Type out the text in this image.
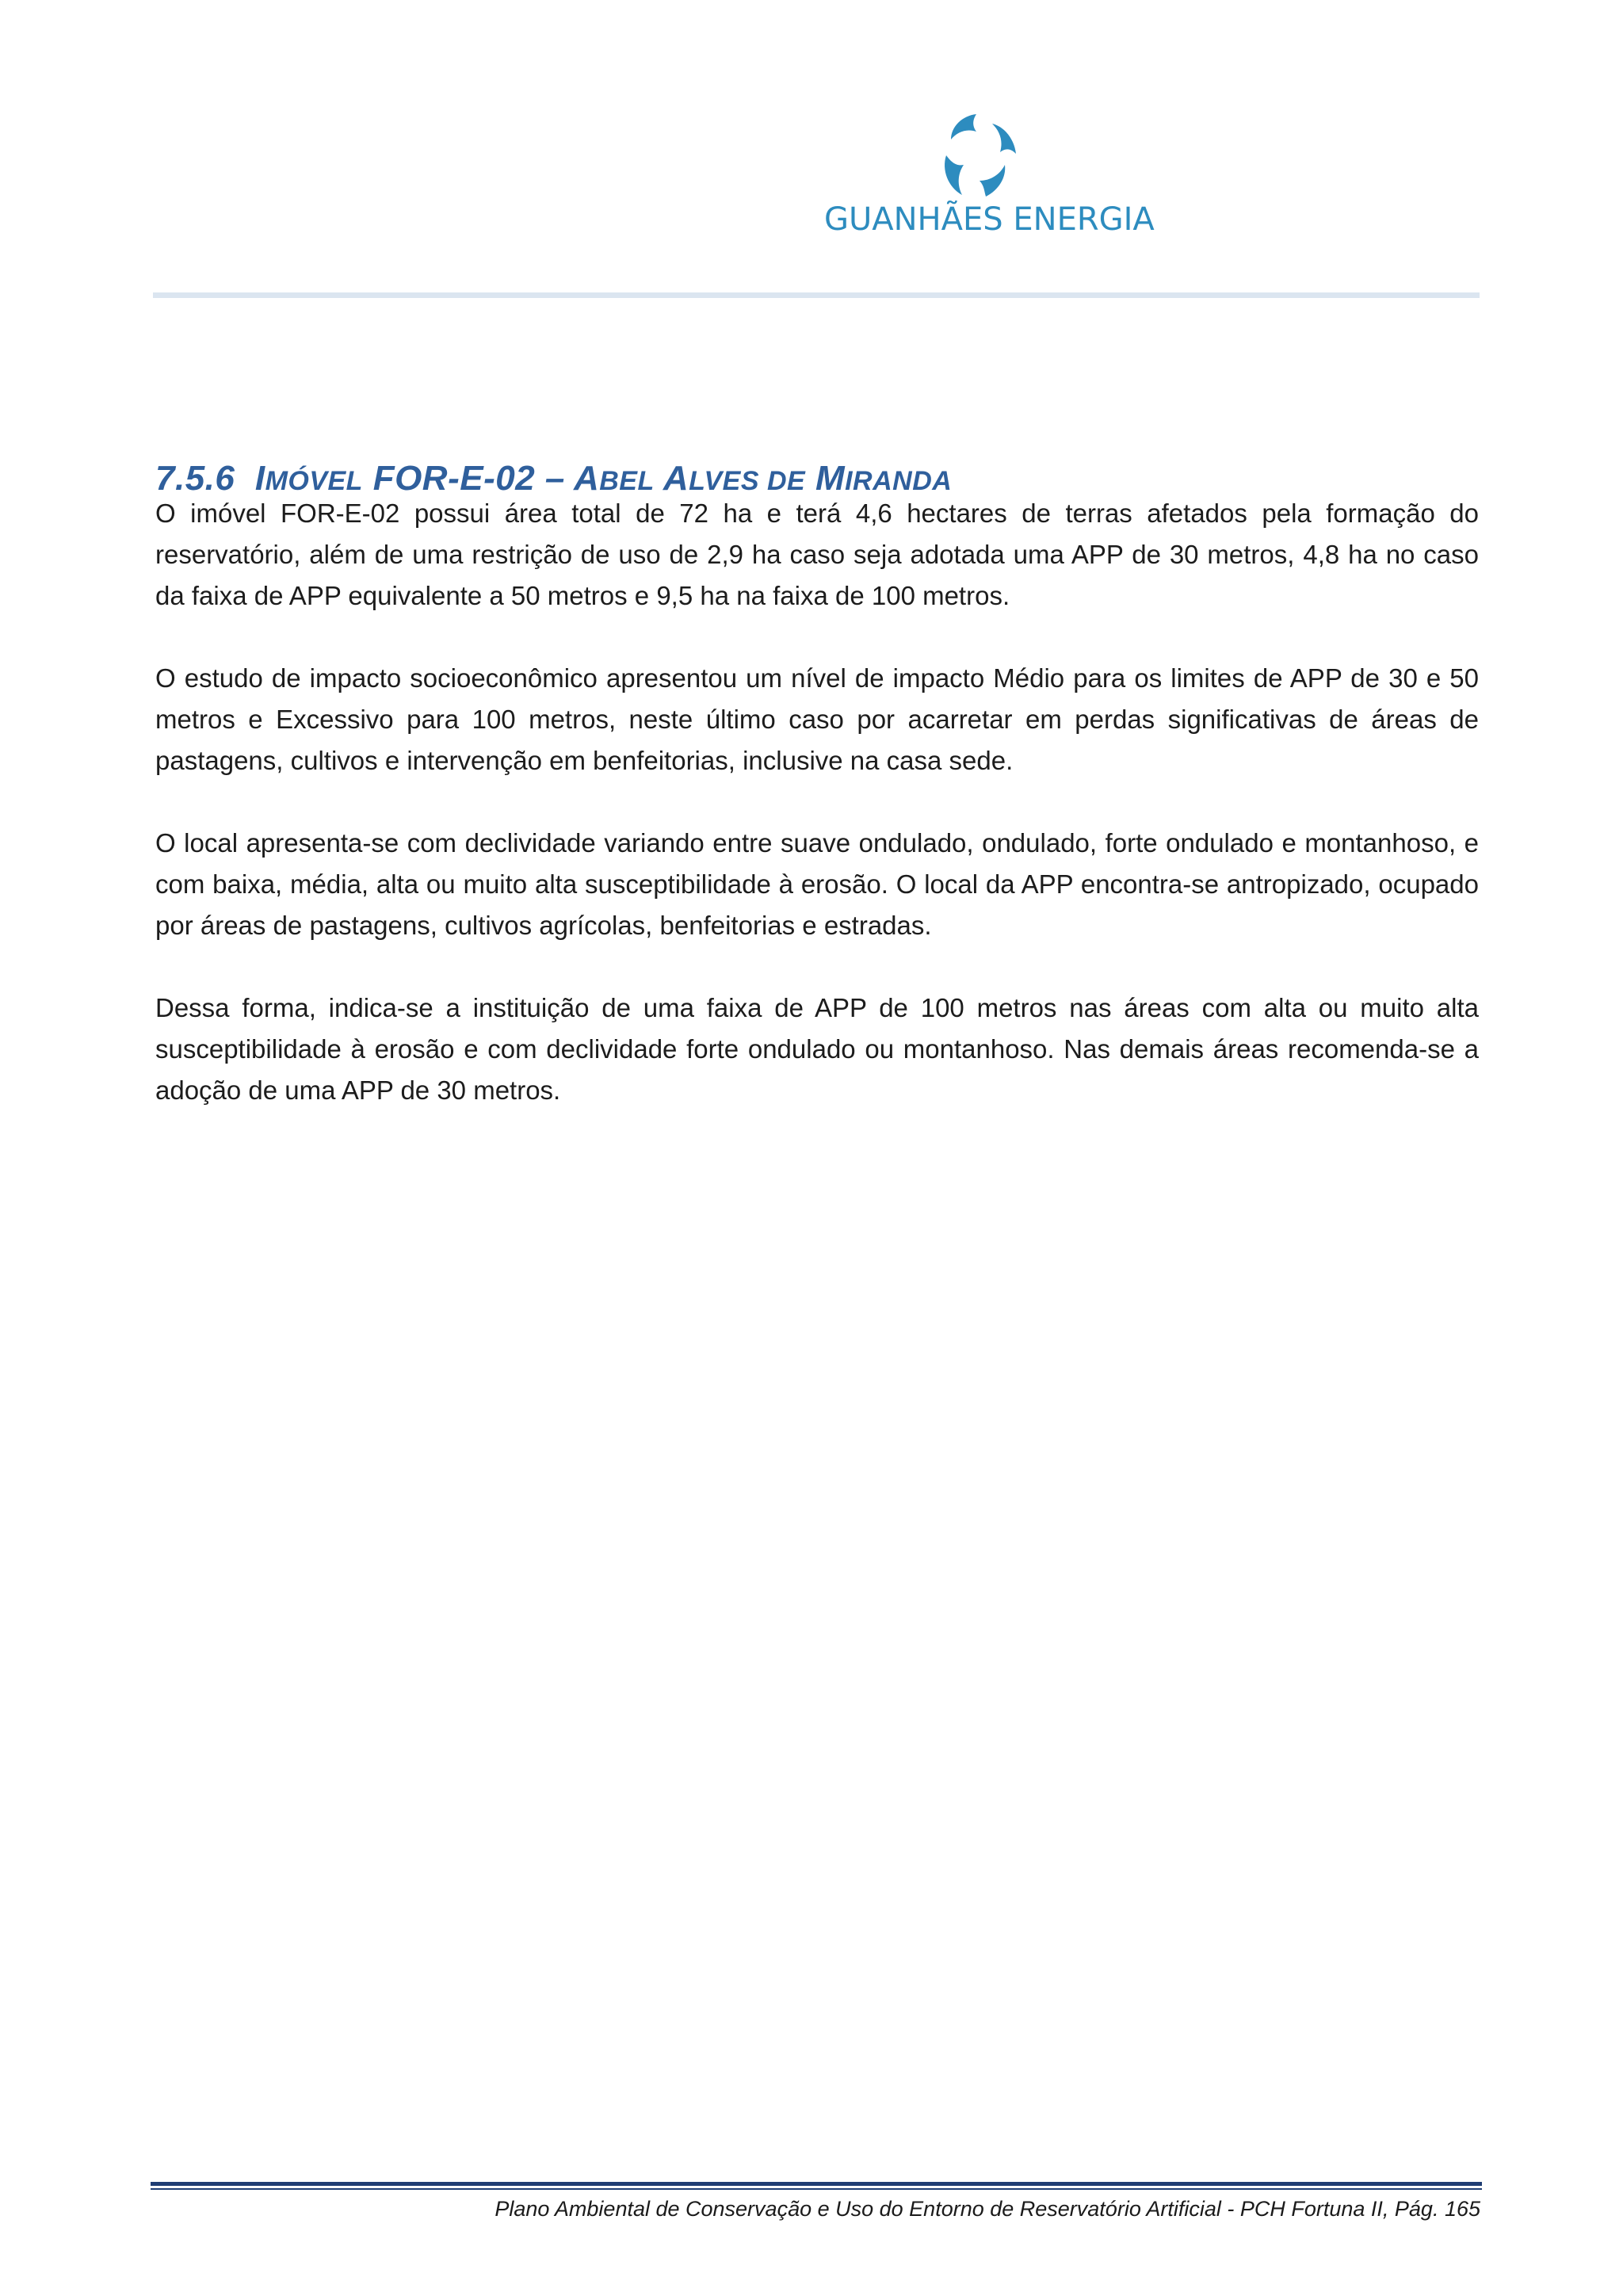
GUANHÃES ENERGIA
7.5.6 IMÓVEL FOR-E-02 – ABEL ALVES DE MIRANDA

O imóvel FOR-E-02 possui área total de 72 ha e terá 4,6 hectares de terras afetados pela formação do reservatório, além de uma restrição de uso de 2,9 ha caso seja adotada uma APP de 30 metros, 4,8 ha no caso da faixa de APP equivalente a 50 metros e 9,5 ha na faixa de 100 metros.

O estudo de impacto socioeconômico apresentou um nível de impacto Médio para os limites de APP de 30 e 50 metros e Excessivo para 100 metros, neste último caso por acarretar em perdas significativas de áreas de pastagens, cultivos e intervenção em benfeitorias, inclusive na casa sede.

O local apresenta-se com declividade variando entre suave ondulado, ondulado, forte ondulado e montanhoso, e com baixa, média, alta ou muito alta susceptibilidade à erosão. O local da APP encontra-se antropizado, ocupado por áreas de pastagens, cultivos agrícolas, benfeitorias e estradas.

Dessa forma, indica-se a instituição de uma faixa de APP de 100 metros nas áreas com alta ou muito alta susceptibilidade à erosão e com declividade forte ondulado ou montanhoso. Nas demais áreas recomenda-se a adoção de uma APP de 30 metros.

Plano Ambiental de Conservação e Uso do Entorno de Reservatório Artificial - PCH Fortuna II, Pág. 165
